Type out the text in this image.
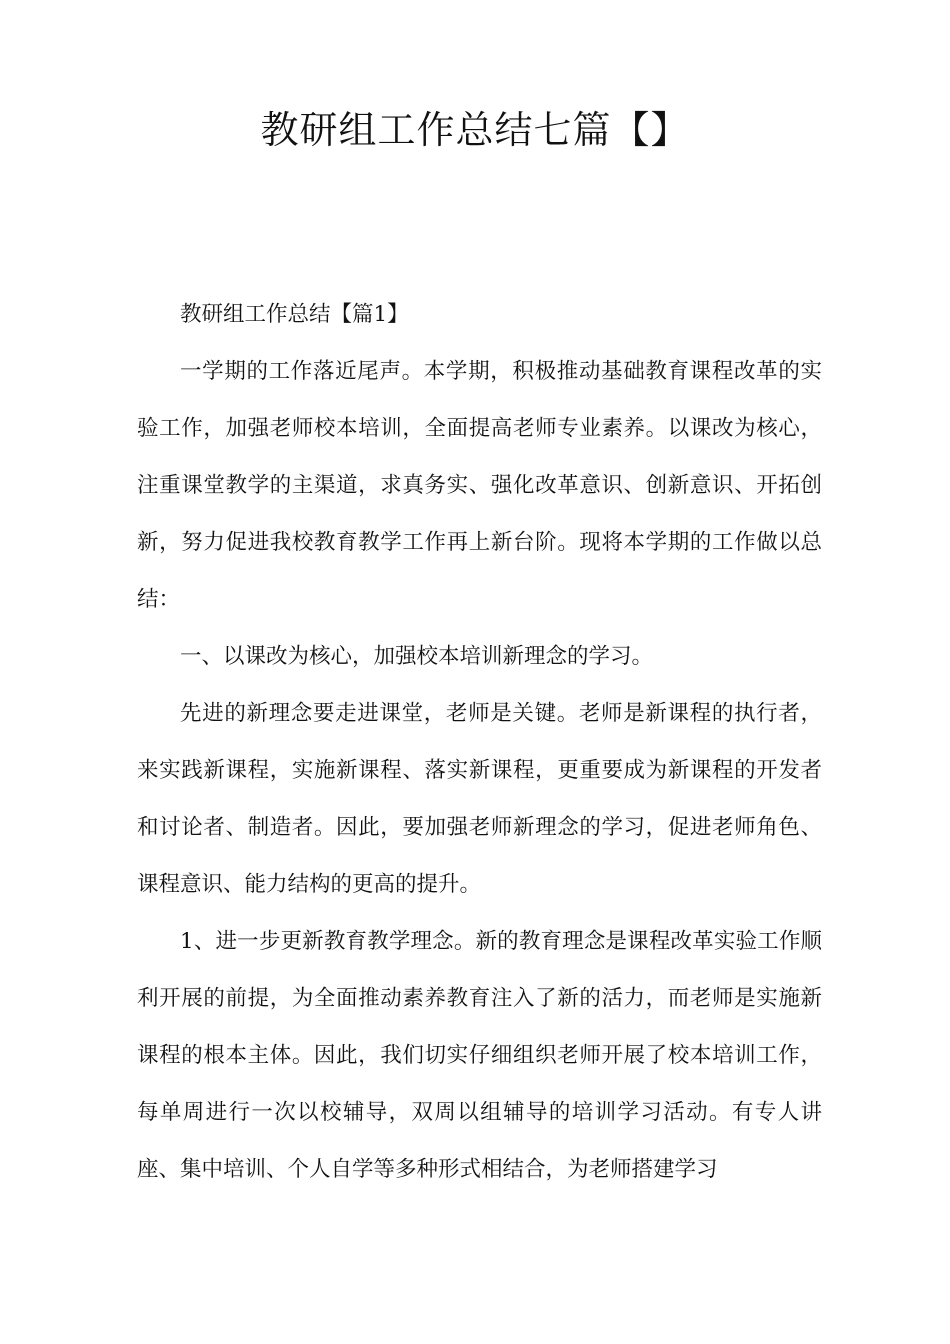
教研组工作总结七篇【】

教研组工作总结【篇1】

一学期的工作落近尾声。本学期，积极推动基础教育课程改革的实验工作，加强老师校本培训，全面提高老师专业素养。以课改为核心，注重课堂教学的主渠道，求真务实、强化改革意识、创新意识、开拓创新，努力促进我校教育教学工作再上新台阶。现将本学期的工作做以总结：

一、以课改为核心，加强校本培训新理念的学习。

先进的新理念要走进课堂，老师是关键。老师是新课程的执行者，来实践新课程，实施新课程、落实新课程，更重要成为新课程的开发者和讨论者、制造者。因此，要加强老师新理念的学习，促进老师角色、课程意识、能力结构的更高的提升。

1、进一步更新教育教学理念。新的教育理念是课程改革实验工作顺利开展的前提，为全面推动素养教育注入了新的活力，而老师是实施新课程的根本主体。因此，我们切实仔细组织老师开展了校本培训工作，每单周进行一次以校辅导，双周以组辅导的培训学习活动。有专人讲座、集中培训、个人自学等多种形式相结合，为老师搭建学习
